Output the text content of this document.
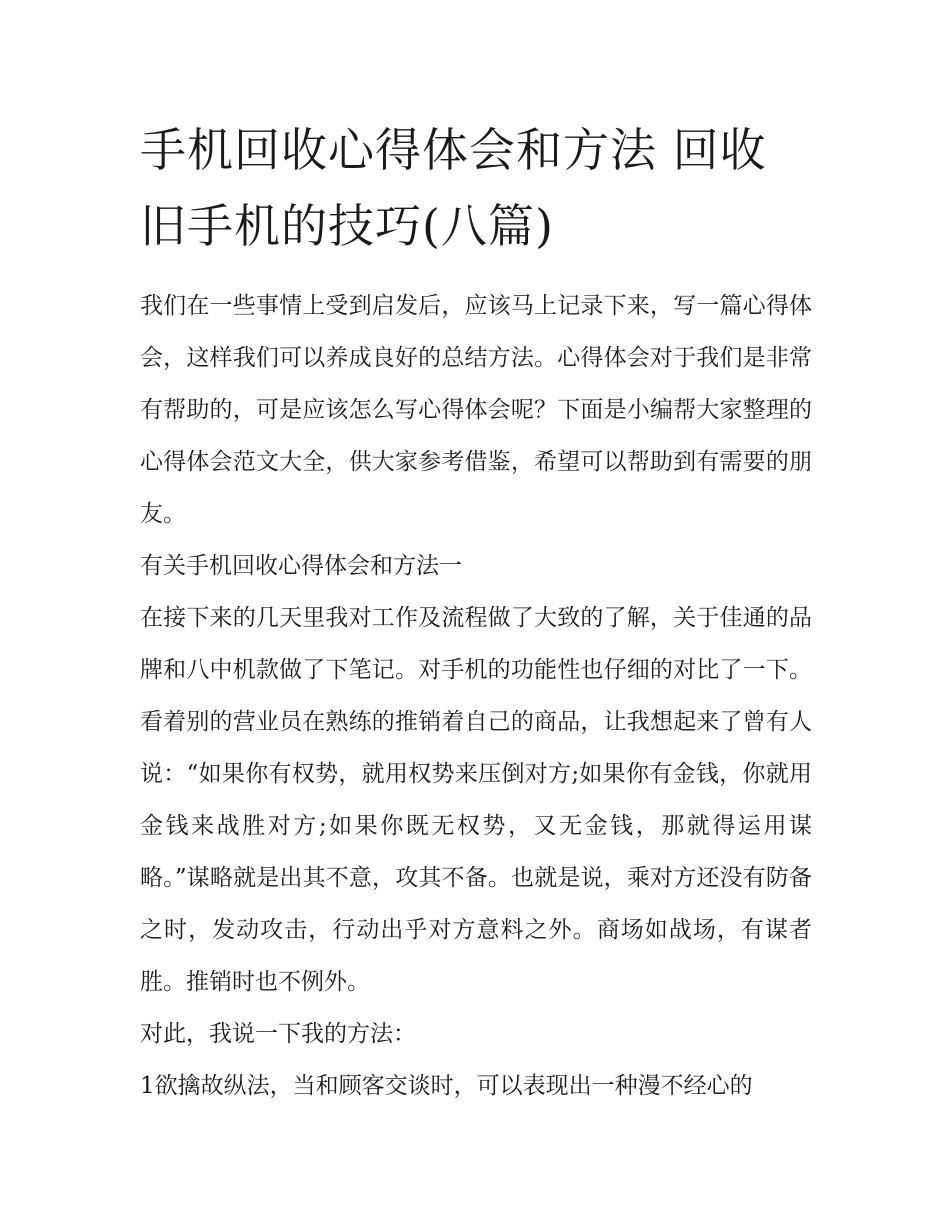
手机回收心得体会和方法 回收旧手机的技巧(八篇)

我们在一些事情上受到启发后，应该马上记录下来，写一篇心得体会，这样我们可以养成良好的总结方法。心得体会对于我们是非常有帮助的，可是应该怎么写心得体会呢？下面是小编帮大家整理的心得体会范文大全，供大家参考借鉴，希望可以帮助到有需要的朋友。

有关手机回收心得体会和方法一

在接下来的几天里我对工作及流程做了大致的了解，关于佳通的品牌和八中机款做了下笔记。对手机的功能性也仔细的对比了一下。看着别的营业员在熟练的推销着自己的商品，让我想起来了曾有人说：“如果你有权势，就用权势来压倒对方;如果你有金钱，你就用金钱来战胜对方;如果你既无权势，又无金钱，那就得运用谋略。”谋略就是出其不意，攻其不备。也就是说，乘对方还没有防备之时，发动攻击，行动出乎对方意料之外。商场如战场，有谋者胜。推销时也不例外。

对此，我说一下我的方法：

1欲擒故纵法，当和顾客交谈时，可以表现出一种漫不经心的
